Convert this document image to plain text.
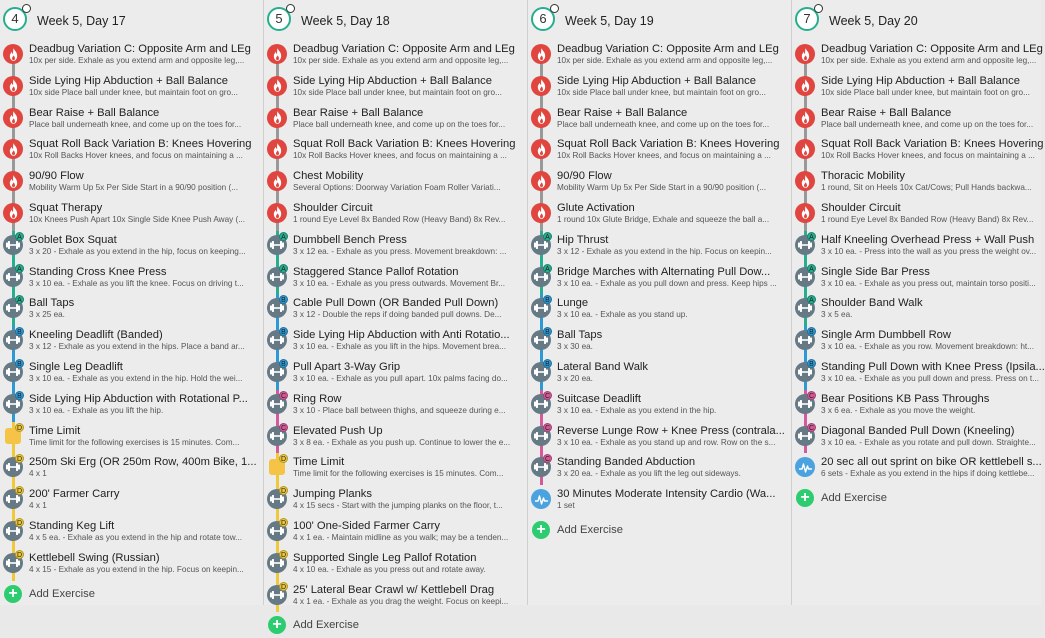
4	Week 5, Day 17
Deadbug Variation C: Opposite Arm and LEg
10x per side. Exhale as you extend arm and opposite leg,...
Side Lying Hip Abduction + Ball Balance
10x side Place ball under knee, but maintain foot on gro...
Bear Raise + Ball Balance
Place ball underneath knee, and come up on the toes for...
Squat Roll Back Variation B: Knees Hovering
10x Roll Backs Hover knees, and focus on maintaining a ...
90/90 Flow
Mobility Warm Up 5x Per Side Start in a 90/90 position (...
Squat Therapy
10x Knees Push Apart 10x Single Side Knee Push Away (...
A Goblet Box Squat
3 x 20 - Exhale as you extend in the hip, focus on keeping...
A Standing Cross Knee Press
3 x 10 ea. - Exhale as you lift the knee. Focus on driving t...
A Ball Taps
3 x 25 ea.
B Kneeling Deadlift (Banded)
3 x 12 - Exhale as you extend in the hips. Place a band ar...
B Single Leg Deadlift
3 x 10 ea. - Exhale as you extend in the hip. Hold the wei...
B Side Lying Hip Abduction with Rotational P...
3 x 10 ea. - Exhale as you lift the hip.
D Time Limit
Time limit for the following exercises is 15 minutes. Com...
D 250m Ski Erg (OR 250m Row, 400m Bike, 1...
4 x 1
D 200' Farmer Carry
4 x 1
D Standing Keg Lift
4 x 5 ea. - Exhale as you extend in the hip and rotate tow...
D Kettlebell Swing (Russian)
4 x 15 - Exhale as you extend in the hip. Focus on keepin...
+	Add Exercise
5	Week 5, Day 18
Deadbug Variation C: Opposite Arm and LEg
10x per side. Exhale as you extend arm and opposite leg,...
Side Lying Hip Abduction + Ball Balance
10x side Place ball under knee, but maintain foot on gro...
Bear Raise + Ball Balance
Place ball underneath knee, and come up on the toes for...
Squat Roll Back Variation B: Knees Hovering
10x Roll Backs Hover knees, and focus on maintaining a ...
Chest Mobility
Several Options: Doorway Variation Foam Roller Variati...
Shoulder Circuit
1 round Eye Level 8x Banded Row (Heavy Band) 8x Rev...
A Dumbbell Bench Press
3 x 12 ea. - Exhale as you press. Movement breakdown: ...
A Staggered Stance Pallof Rotation
3 x 10 ea. - Exhale as you press outwards. Movement Br...
B Cable Pull Down (OR Banded Pull Down)
3 x 12 - Double the reps if doing banded pull downs. De...
B Side Lying Hip Abduction with Anti Rotatio...
3 x 10 ea. - Exhale as you lift in the hips. Movement brea...
B Pull Apart 3-Way Grip
3 x 10 ea. - Exhale as you pull apart. 10x palms facing do...
C Ring Row
3 x 10 - Place ball between thighs, and squeeze during e...
C Elevated Push Up
3 x 8 ea. - Exhale as you push up. Continue to lower the e...
D Time Limit
Time limit for the following exercises is 15 minutes. Com...
D Jumping Planks
4 x 15 secs - Start with the jumping planks on the floor, t...
D 100' One-Sided Farmer Carry
4 x 1 ea. - Maintain midline as you walk; may be a tenden...
D Supported Single Leg Pallof Rotation
4 x 10 ea. - Exhale as you press out and rotate away.
D 25' Lateral Bear Crawl w/ Kettlebell Drag
4 x 1 ea. - Exhale as you drag the weight. Focus on keepi...
+	Add Exercise
6	Week 5, Day 19
Deadbug Variation C: Opposite Arm and LEg
10x per side. Exhale as you extend arm and opposite leg,...
Side Lying Hip Abduction + Ball Balance
10x side Place ball under knee, but maintain foot on gro...
Bear Raise + Ball Balance
Place ball underneath knee, and come up on the toes for...
Squat Roll Back Variation B: Knees Hovering
10x Roll Backs Hover knees, and focus on maintaining a ...
90/90 Flow
Mobility Warm Up 5x Per Side Start in a 90/90 position (...
Glute Activation
1 round 10x Glute Bridge, Exhale and squeeze the ball a...
A Hip Thrust
3 x 12 - Exhale as you extend in the hip. Focus on keepin...
A Bridge Marches with Alternating Pull Dow...
3 x 10 ea. - Exhale as you pull down and press. Keep hips ...
B Lunge
3 x 10 ea. - Exhale as you stand up.
B Ball Taps
3 x 30 ea.
B Lateral Band Walk
3 x 20 ea.
C Suitcase Deadlift
3 x 10 ea. - Exhale as you extend in the hip.
C Reverse Lunge Row + Knee Press (contrala...
3 x 10 ea. - Exhale as you stand up and row. Row on the s...
C Standing Banded Abduction
3 x 20 ea. - Exhale as you lift the leg out sideways.
30 Minutes Moderate Intensity Cardio (Wa...
1 set
+	Add Exercise
7	Week 5, Day 20
Deadbug Variation C: Opposite Arm and LEg
10x per side. Exhale as you extend arm and opposite leg,...
Side Lying Hip Abduction + Ball Balance
10x side Place ball under knee, but maintain foot on gro...
Bear Raise + Ball Balance
Place ball underneath knee, and come up on the toes for...
Squat Roll Back Variation B: Knees Hovering
10x Roll Backs Hover knees, and focus on maintaining a ...
Thoracic Mobility
1 round, Sit on Heels 10x Cat/Cows; Pull Hands backwa...
Shoulder Circuit
1 round Eye Level 8x Banded Row (Heavy Band) 8x Rev...
A Half Kneeling Overhead Press + Wall Push
3 x 10 ea. - Press into the wall as you press the weight ov...
A Single Side Bar Press
3 x 10 ea. - Exhale as you press out, maintain torso positi...
A Shoulder Band Walk
3 x 5 ea.
B Single Arm Dumbbell Row
3 x 10 ea. - Exhale as you row. Movement breakdown: ht...
B Standing Pull Down with Knee Press (Ipsila...
3 x 10 ea. - Exhale as you pull down and press. Press on t...
C Bear Positions KB Pass Throughs
3 x 6 ea. - Exhale as you move the weight.
C Diagonal Banded Pull Down (Kneeling)
3 x 10 ea. - Exhale as you rotate and pull down. Straighte...
20 sec all out sprint on bike OR kettlebell s...
6 sets - Exhale as you extend in the hips if doing kettlebe...
+	Add Exercise
